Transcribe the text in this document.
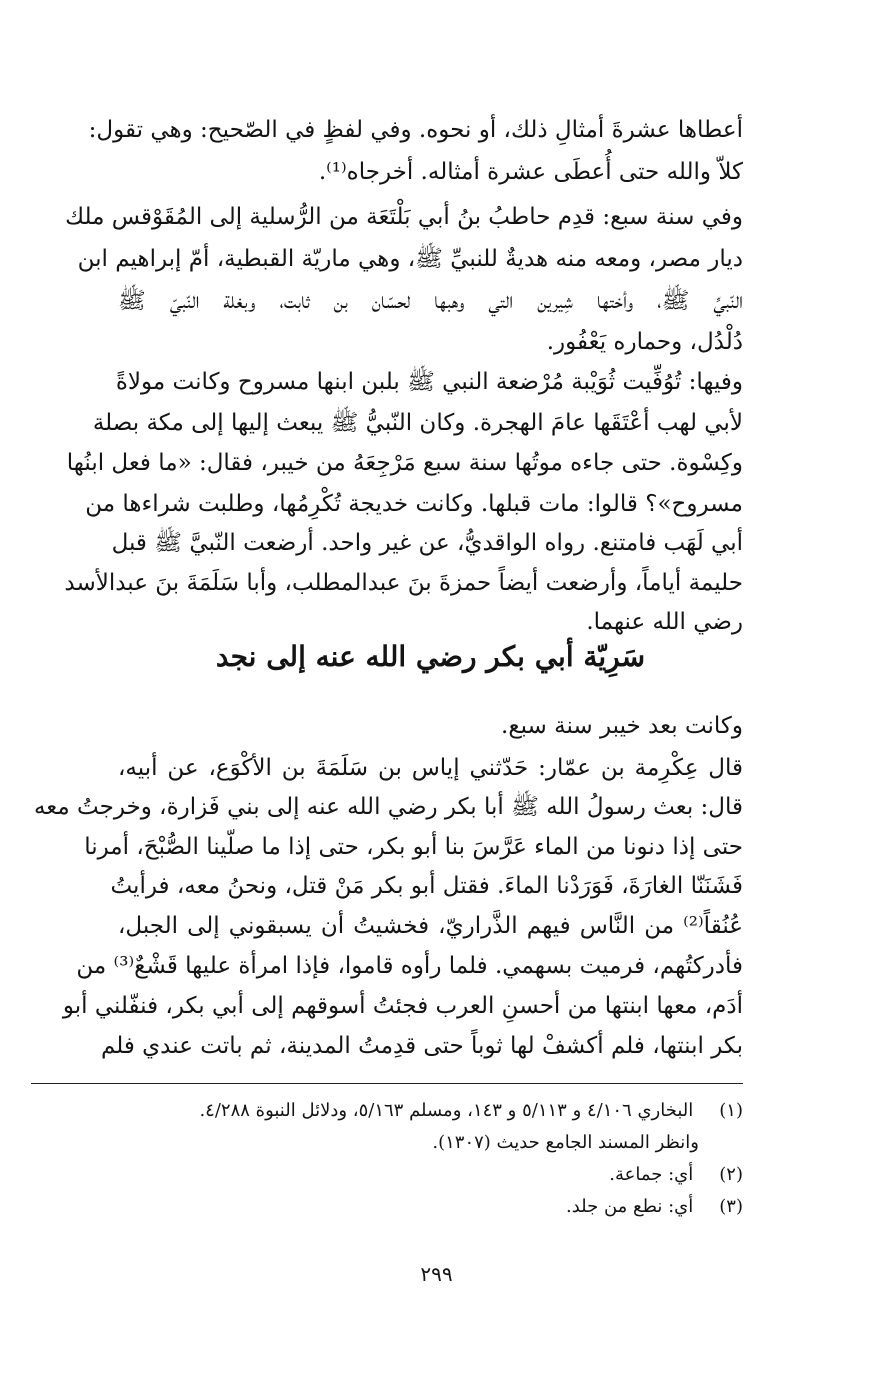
أعطاها عشرةَ أمثالِ ذلك، أو نحوه. وفي لفظٍ في الصّحيح: وهي تقول:
كلاّ والله حتى أُعطَى عشرة أمثاله. أخرجاه⁽¹⁾.
وفي سنة سبع: قدِم حاطبُ بنُ أبي بَلْتَعَة من الرُّسلية إلى المُقَوْقس ملك
ديار مصر، ومعه منه هديةٌ للنبيِّ ﷺ، وهي ماريّة القبطية، أمّ إبراهيم ابن
النّبيِّ ﷺ، وأختها شِيرين التي وهبها لحسّان بن ثابت، وبغلة النّبيّ ﷺ
دُلْدُل، وحماره يَعْفُور.
وفيها: تُوُفِّيت ثُوَيْبة مُرْضعة النبي ﷺ بلبن ابنها مسروح وكانت مولاةً
لأبي لهب أعْتَقَها عامَ الهجرة. وكان النّبيُّ ﷺ يبعث إليها إلى مكة بصلة
وكِسْوة. حتى جاءه موتُها سنة سبع مَرْجِعَهُ من خيبر، فقال: «ما فعل ابنُها
مسروح»؟ قالوا: مات قبلها. وكانت خديجة تُكْرِمُها، وطلبت شراءها من
أبي لَهَب فامتنع. رواه الواقديُّ، عن غير واحد. أرضعت النّبيَّ ﷺ قبل
حليمة أياماً، وأرضعت أيضاً حمزةَ بنَ عبدالمطلب، وأبا سَلَمَةَ بنَ عبدالأسد
رضي الله عنهما.
سَرِيّة أبي بكر رضي الله عنه إلى نجد
وكانت بعد خيبر سنة سبع.
قال عِكْرِمة بن عمّار: حَدّثني إياس بن سَلَمَةَ بن الأكْوَع، عن أبيه،
قال: بعث رسولُ الله ﷺ أبا بكر رضي الله عنه إلى بني فَزارة، وخرجتُ معه
حتى إذا دنونا من الماء عَرَّسَ بنا أبو بكر، حتى إذا ما صلّينا الصُّبْحَ، أمرنا
فَشَنَنّا الغارَةَ، فَوَرَدْنا الماءَ. فقتل أبو بكر مَنْ قتل، ونحنُ معه، فرأيتُ
عُنُقاً⁽²⁾ من النَّاس فيهم الذَّراريّ، فخشيتُ أن يسبقوني إلى الجبل،
فأدركتُهم، فرميت بسهمي. فلما رأوه قاموا، فإذا امرأة عليها قَشْعٌ⁽³⁾ من
أدَم، معها ابنتها من أحسنِ العرب فجئتُ أسوقهم إلى أبي بكر، فنفّلني أبو
بكر ابنتها، فلم أكشفْ لها ثوباً حتى قدِمتُ المدينة، ثم باتت عندي فلم
(١) البخاري ٤/١٠٦ و ٥/١١٣ و ١٤٣، ومسلم ٥/١٦٣، ودلائل النبوة ٤/٢٨٨.
وانظر المسند الجامع حديث (١٣٠٧).
(٢) أي: جماعة.
(٣) أي: نطع من جلد.
٢٩٩
